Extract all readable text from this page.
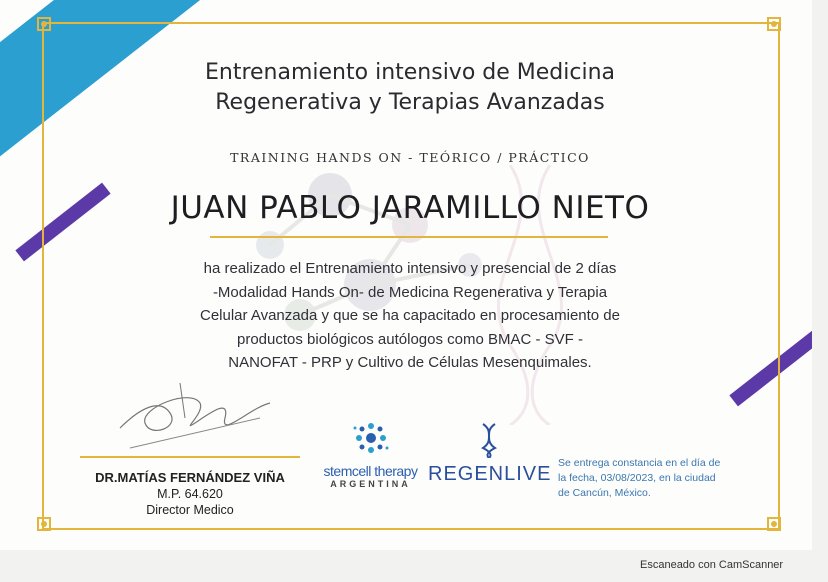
Entrenamiento intensivo de Medicina
Regenerativa y Terapias Avanzadas
TRAINING HANDS ON - TEÓRICO / PRÁCTICO
JUAN PABLO JARAMILLO NIETO
ha realizado el Entrenamiento intensivo y presencial de 2 días
-Modalidad Hands On- de Medicina Regenerativa y Terapia
Celular Avanzada y que se ha capacitado en procesamiento de
productos biológicos autólogos como BMAC - SVF -
NANOFAT - PRP y Cultivo de Células Mesenquimales.
DR.MATÍAS FERNÁNDEZ VIÑA
M.P. 64.620
Director Medico
stemcell therapy
ARGENTINA REGENLIVE Se entrega constancia en el día de
la fecha, 03/08/2023, en la ciudad
de Cancún, México.
Escaneado con CamScanner
